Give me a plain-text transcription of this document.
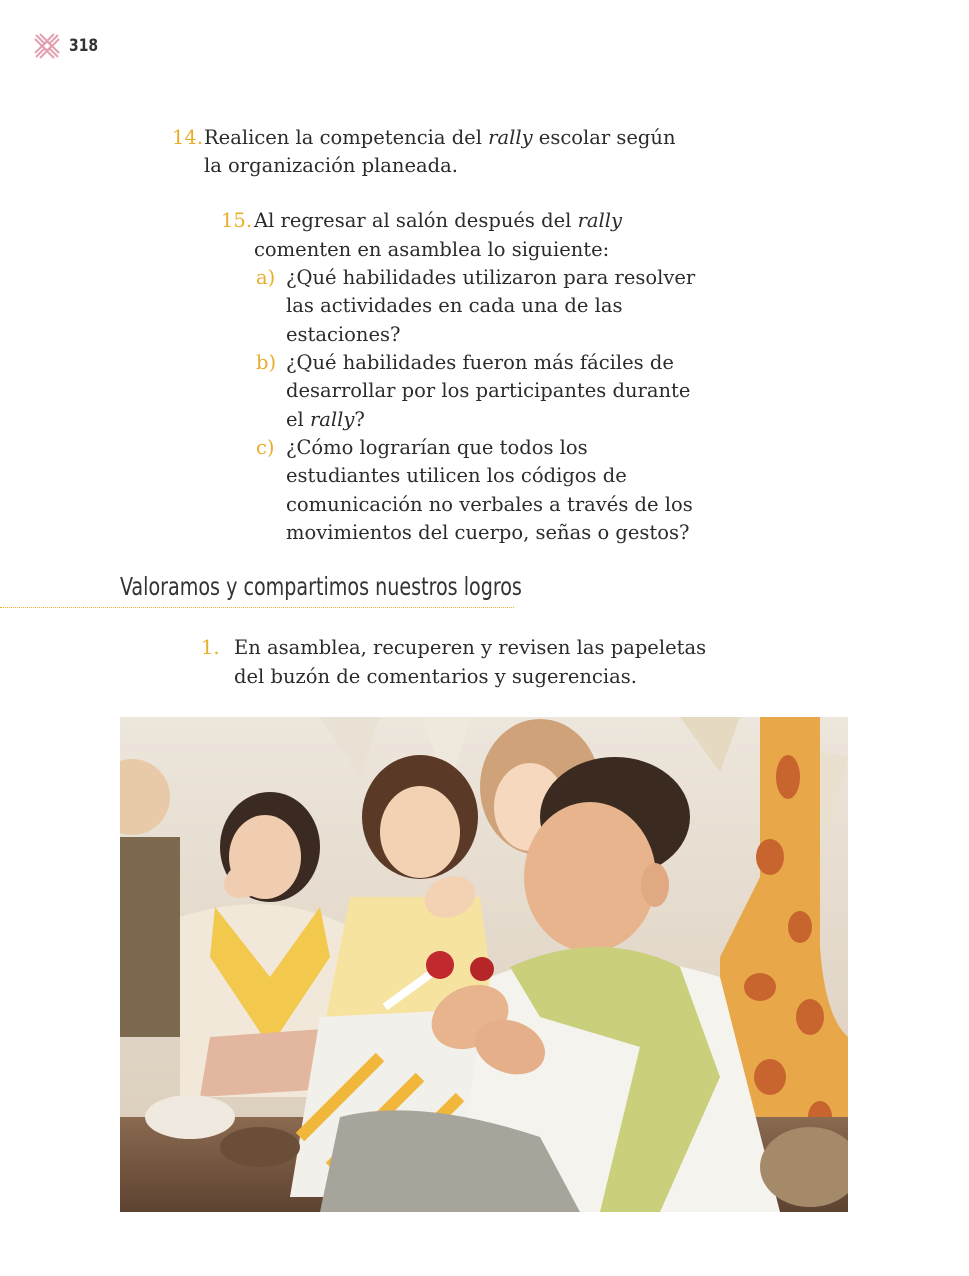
318
14. Realicen la competencia del rally escolar según
la organización planeada.
15. Al regresar al salón después del rally
comenten en asamblea lo siguiente:
a) ¿Qué habilidades utilizaron para resolver
las actividades en cada una de las
estaciones?
b) ¿Qué habilidades fueron más fáciles de
desarrollar por los participantes durante
el rally?
c) ¿Cómo lograrían que todos los
estudiantes utilicen los códigos de
comunicación no verbales a través de los
movimientos del cuerpo, señas o gestos?
Valoramos y compartimos nuestros logros
1. En asamblea, recuperen y revisen las papeletas
del buzón de comentarios y sugerencias.
